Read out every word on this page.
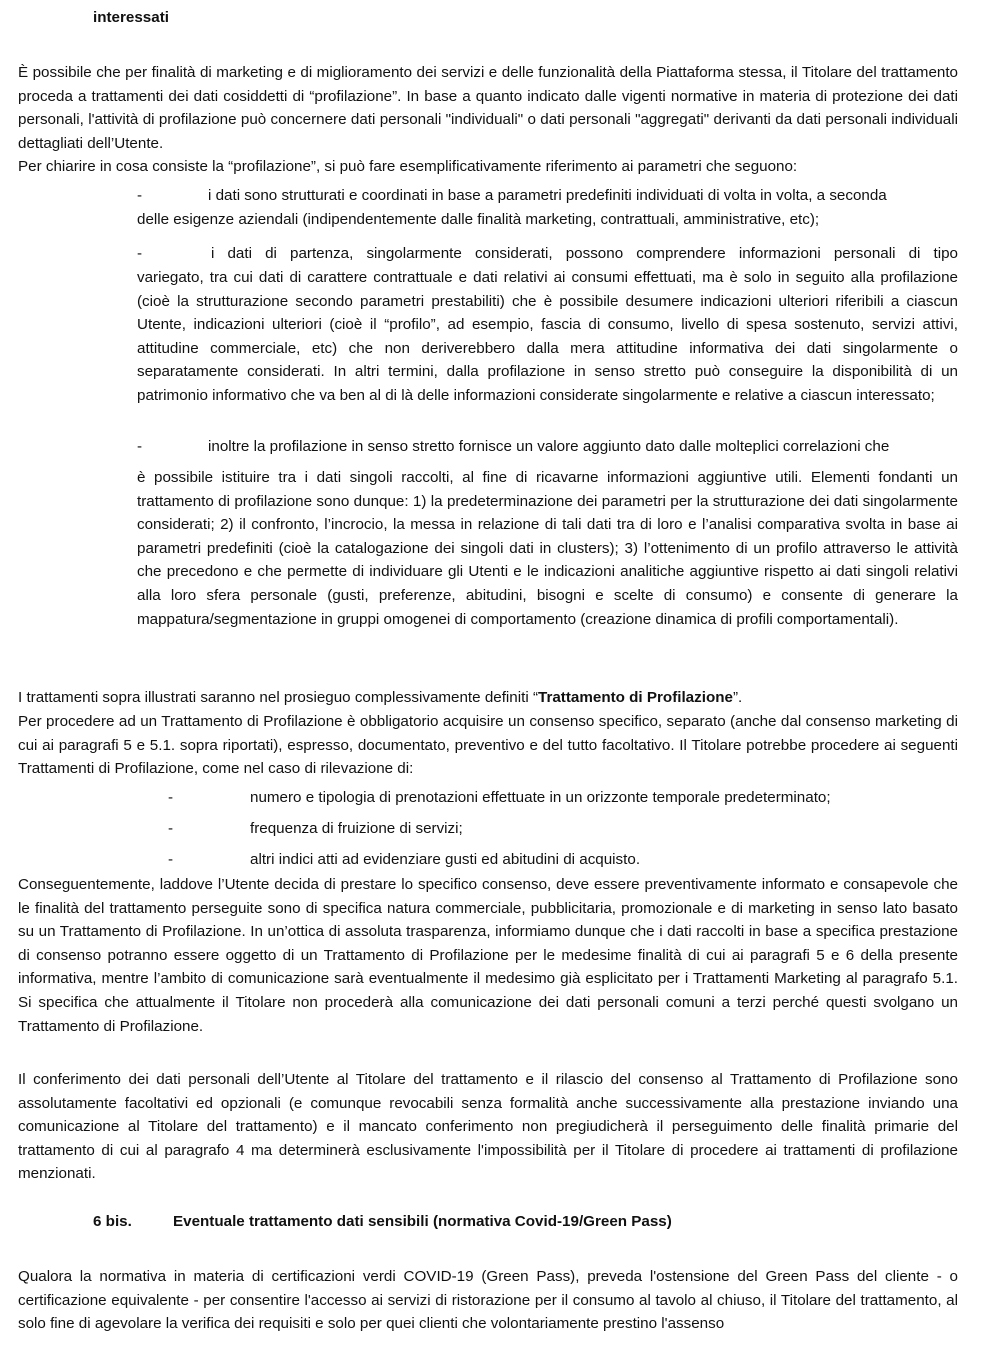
interessati
È possibile che per finalità di marketing e di miglioramento dei servizi e delle funzionalità della Piattaforma stessa, il Titolare del trattamento proceda a trattamenti dei dati cosiddetti di “profilazione”. In base a quanto indicato dalle vigenti normative in materia di protezione dei dati personali, l'attività di profilazione può concernere dati personali "individuali" o dati personali "aggregati" derivanti da dati personali individuali dettagliati dell’Utente.
Per chiarire in cosa consiste la “profilazione”, si può fare esemplificativamente riferimento ai parametri che seguono:
-	i dati sono strutturati e coordinati in base a parametri predefiniti individuati di volta in volta, a seconda
delle esigenze aziendali (indipendentemente dalle finalità marketing, contrattuali, amministrative, etc);
-	i dati di partenza, singolarmente considerati, possono comprendere informazioni personali di tipo
variegato, tra cui dati di carattere contrattuale e dati relativi ai consumi effettuati, ma è solo in seguito alla profilazione (cioè la strutturazione secondo parametri prestabiliti) che è possibile desumere indicazioni ulteriori riferibili a ciascun Utente, indicazioni ulteriori (cioè il “profilo”, ad esempio, fascia di consumo, livello di spesa sostenuto, servizi attivi, attitudine commerciale, etc) che non deriverebbero dalla mera attitudine informativa dei dati singolarmente o separatamente considerati. In altri termini, dalla profilazione in senso stretto può conseguire la disponibilità di un patrimonio informativo che va ben al di là delle informazioni considerate singolarmente e relative a ciascun interessato;
-	inoltre la profilazione in senso stretto fornisce un valore aggiunto dato dalle molteplici correlazioni che
è possibile istituire tra i dati singoli raccolti, al fine di ricavarne informazioni aggiuntive utili. Elementi fondanti un trattamento di profilazione sono dunque: 1) la predeterminazione dei parametri per la strutturazione dei dati singolarmente considerati; 2) il confronto, l’incrocio, la messa in relazione di tali dati tra di loro e l’analisi comparativa svolta in base ai parametri predefiniti (cioè la catalogazione dei singoli dati in clusters); 3) l’ottenimento di un profilo attraverso le attività che precedono e che permette di individuare gli Utenti e le indicazioni analitiche aggiuntive rispetto ai dati singoli relativi alla loro sfera personale (gusti, preferenze, abitudini, bisogni e scelte di consumo) e consente di generare la mappatura/segmentazione in gruppi omogenei di comportamento (creazione dinamica di profili comportamentali).
I trattamenti sopra illustrati saranno nel prosieguo complessivamente definiti “Trattamento di Profilazione”.
Per procedere ad un Trattamento di Profilazione è obbligatorio acquisire un consenso specifico, separato (anche dal consenso marketing di cui ai paragrafi 5 e 5.1. sopra riportati), espresso, documentato, preventivo e del tutto facoltativo. Il Titolare potrebbe procedere ai seguenti Trattamenti di Profilazione, come nel caso di rilevazione di:
-	numero e tipologia di prenotazioni effettuate in un orizzonte temporale predeterminato;
-	frequenza di fruizione di servizi;
-	altri indici atti ad evidenziare gusti ed abitudini di acquisto.
Conseguentemente, laddove l’Utente decida di prestare lo specifico consenso, deve essere preventivamente informato e consapevole che le finalità del trattamento perseguite sono di specifica natura commerciale, pubblicitaria, promozionale e di marketing in senso lato basato su un Trattamento di Profilazione. In un’ottica di assoluta trasparenza, informiamo dunque che i dati raccolti in base a specifica prestazione di consenso potranno essere oggetto di un Trattamento di Profilazione per le medesime finalità di cui ai paragrafi 5 e 6 della presente informativa, mentre l’ambito di comunicazione sarà eventualmente il medesimo già esplicitato per i Trattamenti Marketing al paragrafo 5.1. Si specifica che attualmente il Titolare non procederà alla comunicazione dei dati personali comuni a terzi perché questi svolgano un Trattamento di Profilazione.
Il conferimento dei dati personali dell’Utente al Titolare del trattamento e il rilascio del consenso al Trattamento di Profilazione sono assolutamente facoltativi ed opzionali (e comunque revocabili senza formalità anche successivamente alla prestazione inviando una comunicazione al Titolare del trattamento) e il mancato conferimento non pregiudicherà il perseguimento delle finalità primarie del trattamento di cui al paragrafo 4 ma determinerà esclusivamente l'impossibilità per il Titolare di procedere ai trattamenti di profilazione menzionati.
6 bis.	Eventuale trattamento dati sensibili (normativa Covid-19/Green Pass)
Qualora la normativa in materia di certificazioni verdi COVID-19 (Green Pass), preveda l'ostensione del Green Pass del cliente - o certificazione equivalente - per consentire l'accesso ai servizi di ristorazione per il consumo al tavolo al chiuso, il Titolare del trattamento, al solo fine di agevolare la verifica dei requisiti e solo per quei clienti che volontariamente prestino l'assenso
